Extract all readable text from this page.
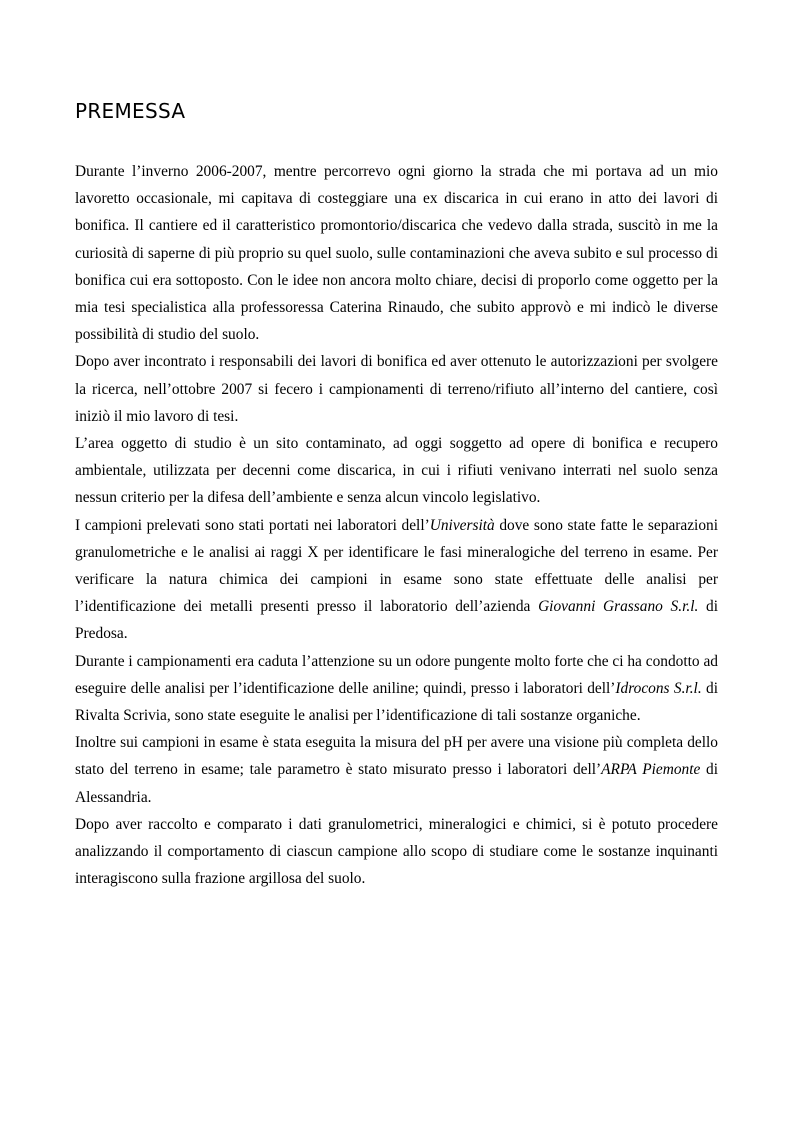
PREMESSA

Durante l’inverno 2006-2007, mentre percorrevo ogni giorno la strada che mi portava ad un mio lavoretto occasionale, mi capitava di costeggiare una ex discarica in cui erano in atto dei lavori di bonifica. Il cantiere ed il caratteristico promontorio/discarica che vedevo dalla strada, suscitò in me la curiosità di saperne di più proprio su quel suolo, sulle contaminazioni che aveva subito e sul processo di bonifica cui era sottoposto. Con le idee non ancora molto chiare, decisi di proporlo come oggetto per la mia tesi specialistica alla professoressa Caterina Rinaudo, che subito approvò e mi indicò le diverse possibilità di studio del suolo.

Dopo aver incontrato i responsabili dei lavori di bonifica ed aver ottenuto le autorizzazioni per svolgere la ricerca, nell’ottobre 2007 si fecero i campionamenti di terreno/rifiuto all’interno del cantiere, così iniziò il mio lavoro di tesi.

L’area oggetto di studio è un sito contaminato, ad oggi soggetto ad opere di bonifica e recupero ambientale, utilizzata per decenni come discarica, in cui i rifiuti venivano interrati nel suolo senza nessun criterio per la difesa dell’ambiente e senza alcun vincolo legislativo.

I campioni prelevati sono stati portati nei laboratori dell’Università dove sono state fatte le separazioni granulometriche e le analisi ai raggi X per identificare le fasi mineralogiche del terreno in esame. Per verificare la natura chimica dei campioni in esame sono state effettuate delle analisi per l’identificazione dei metalli presenti presso il laboratorio dell’azienda Giovanni Grassano S.r.l. di Predosa.

Durante i campionamenti era caduta l’attenzione su un odore pungente molto forte che ci ha condotto ad eseguire delle analisi per l’identificazione delle aniline; quindi, presso i laboratori dell’Idrocons S.r.l. di Rivalta Scrivia, sono state eseguite le analisi per l’identificazione di tali sostanze organiche.

Inoltre sui campioni in esame è stata eseguita la misura del pH per avere una visione più completa dello stato del terreno in esame; tale parametro è stato misurato presso i laboratori dell’ARPA Piemonte di Alessandria.

Dopo aver raccolto e comparato i dati granulometrici, mineralogici e chimici, si è potuto procedere analizzando il comportamento di ciascun campione allo scopo di studiare come le sostanze inquinanti interagiscono sulla frazione argillosa del suolo.
